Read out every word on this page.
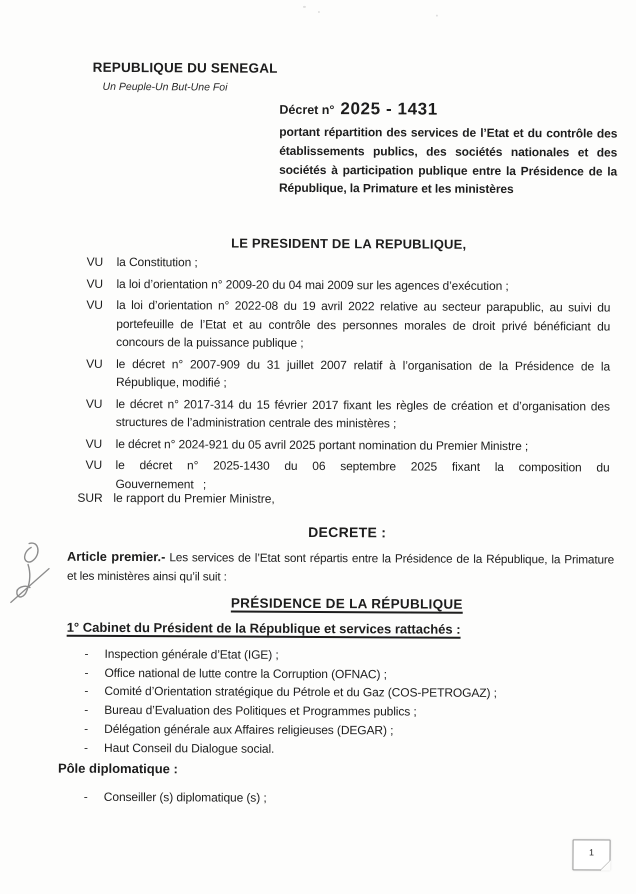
REPUBLIQUE DU SENEGAL
Un Peuple-Un But-Une Foi
Décret n° 2025 - 1431
portant répartition des services de l’Etat et du contrôle des établissements publics, des sociétés nationales et des sociétés à participation publique entre la Présidence de la République, la Primature et les ministères
LE PRESIDENT DE LA REPUBLIQUE,
VU	la Constitution ;
VU	la loi d’orientation n° 2009-20 du 04 mai 2009 sur les agences d’exécution ;
VU	la loi d’orientation n° 2022-08 du 19 avril 2022 relative au secteur parapublic, au suivi du portefeuille de l’Etat et au contrôle des personnes morales de droit privé bénéficiant du concours de la puissance publique ;
VU	le décret n° 2007-909 du 31 juillet 2007 relatif à l’organisation de la Présidence de la République, modifié ;
VU	le décret n° 2017-314 du 15 février 2017 fixant les règles de création et d’organisation des structures de l’administration centrale des ministères ;
VU	le décret n° 2024-921 du 05 avril 2025 portant nomination du Premier Ministre ;
VU	le décret n° 2025-1430 du 06 septembre 2025 fixant la composition du Gouvernement ;
SUR le rapport du Premier Ministre,
DECRETE :
Article premier.- Les services de l’Etat sont répartis entre la Présidence de la République, la Primature et les ministères ainsi qu’il suit :
PRÉSIDENCE DE LA RÉPUBLIQUE
1° Cabinet du Président de la République et services rattachés :
-	Inspection générale d’Etat (IGE) ;
-	Office national de lutte contre la Corruption (OFNAC) ;
-	Comité d’Orientation stratégique du Pétrole et du Gaz (COS-PETROGAZ) ;
-	Bureau d’Evaluation des Politiques et Programmes publics ;
-	Délégation générale aux Affaires religieuses (DEGAR) ;
-	Haut Conseil du Dialogue social.
Pôle diplomatique :
-	Conseiller (s) diplomatique (s) ;
1
